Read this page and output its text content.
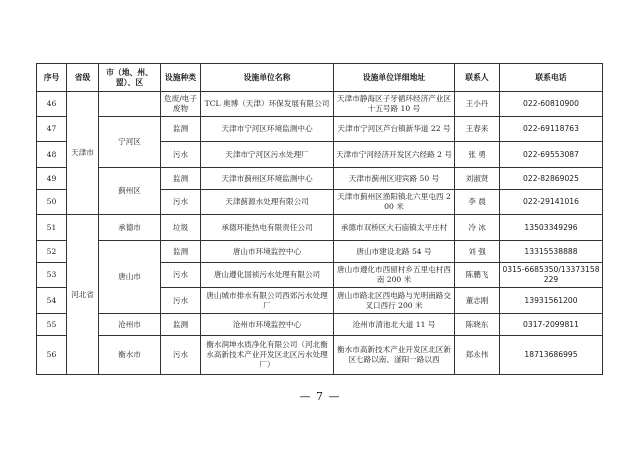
序号	省级	市（地、州、盟）、区	设施种类	设施单位名称	设施单位详细地址	联系人	联系电话
46	天津市		危废/电子废物	TCL 奥博（天津）环保发展有限公司	天津市静海区子牙循环经济产业区十五号路 10 号	王小丹	022-60810900
47		宁河区	监测	天津市宁河区环境监测中心	天津市宁河区芦台镇新华道 22 号	王春来	022-69118763
48			污水	天津市宁河区污水处理厂	天津市宁河经济开发区六经路 2 号	张 勇	022-69553087
49		蓟州区	监测	天津市蓟州区环境监测中心	天津市蓟州区迎宾路 50 号	刘淑贤	022-82869025
50			污水	天津蓟源水处理有限公司	天津市蓟州区渔阳镇北六里屯西 200 米	李 晨	022-29141016
51	河北省	承德市	垃圾	承德环能热电有限责任公司	承德市双桥区大石庙镇太平庄村	冷 冰	13503349296
52		唐山市	监测	唐山市环境监控中心	唐山市建设北路 54 号	刘 强	13315538888
53			污水	唐山遵化国祯污水处理有限公司	唐山市遵化市西留村乡五里屯村西南 200 米	陈鹏飞	0315-6685350/13373158229
54			污水	唐山城市排水有限公司西郊污水处理厂	唐山市路北区西电路与光明南路交叉口西行 200 米	董志刚	13931561200
55		沧州市	监测	沧州市环境监控中心	沧州市清池北大道 11 号	陈晓东	0317-2099811
56		衡水市	污水	衡水润坤水质净化有限公司（河北衡水高新技术产业开发区北区污水处理厂）	衡水市高新技术产业开发区北区新区七路以南、滏阳一路以西	郑永伟	18713686995
— 7 —
